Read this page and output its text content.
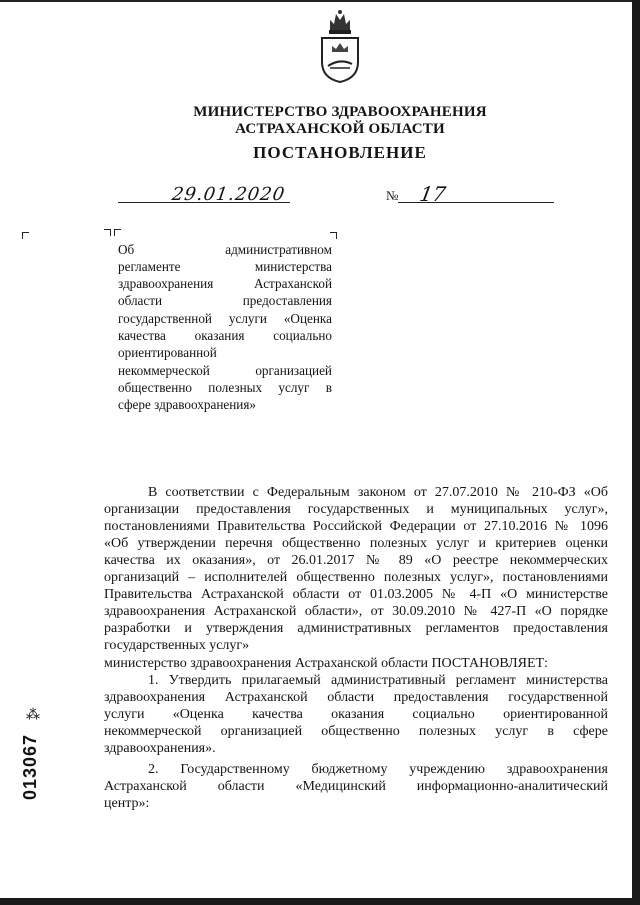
МИНИСТЕРСТВО ЗДРАВООХРАНЕНИЯ
АСТРАХАНСКОЙ ОБЛАСТИ
ПОСТАНОВЛЕНИЕ
29.01.2020	№ 17
Об административном
регламенте министерства
здравоохранения Астраханской
области предоставления
государственной услуги «Оценка
качества оказания социально
ориентированной
некоммерческой организацией
общественно полезных услуг в
сфере здравоохранения»
В соответствии с Федеральным законом от 27.07.2010 № 210-ФЗ «Об
организации предоставления государственных и муниципальных услуг»,
постановлениями Правительства Российской Федерации от 27.10.2016 № 1096
«Об утверждении перечня общественно полезных услуг и критериев оценки
качества их оказания», от 26.01.2017 № 89 «О реестре некоммерческих
организаций – исполнителей общественно полезных услуг», постановлениями
Правительства Астраханской области от 01.03.2005 № 4-П «О министерстве
здравоохранения Астраханской области», от 30.09.2010 № 427-П «О порядке
разработки и утверждения административных регламентов предоставления
государственных услуг»
министерство здравоохранения Астраханской области ПОСТАНОВЛЯЕТ:
1. Утвердить прилагаемый административный регламент министерства
здравоохранения Астраханской области предоставления государственной
услуги «Оценка качества оказания социально ориентированной
некоммерческой организацией общественно полезных услуг в сфере
здравоохранения».
2. Государственному бюджетному учреждению здравоохранения
Астраханской области «Медицинский информационно-аналитический
центр»:
⁂
013067
